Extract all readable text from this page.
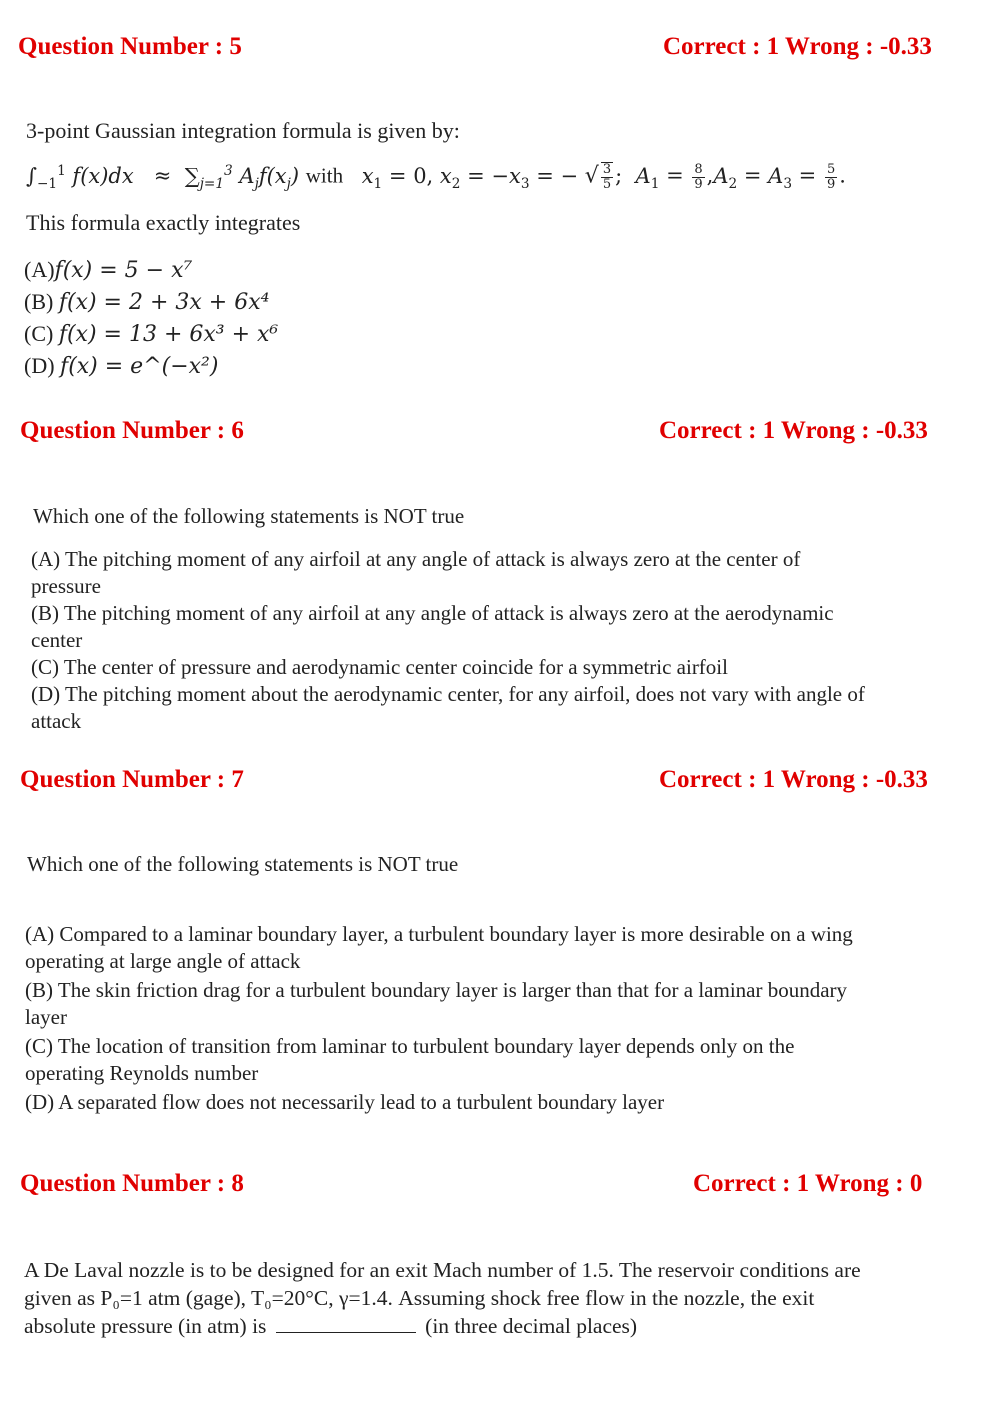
Question Number : 5	Correct : 1 Wrong : -0.33
3-point Gaussian integration formula is given by:
$\int_{-1}^1$ $f(x)dx \approx \sum_{j=1}^3$ $A_jf(x_j)$ with   $x_1 = 0$, $x_2 = -x_3$ = − √ $\frac{3}{5}$ ;  $A_1 = \frac{8}{9} ,A_2 = A_3 = \frac{5}{9}$ .
This formula exactly integrates
(A)f(x) = 5 − x⁷
(B) f(x) = 2 + 3x + 6x⁴
(C) f(x) = 13 + 6x³ + x⁶
(D) f(x) = e^(−x²)
Question Number : 6	Correct : 1 Wrong : -0.33
Which one of the following statements is NOT true
(A) The pitching moment of any airfoil at any angle of attack is always zero at the center of
pressure
(B) The pitching moment of any airfoil at any angle of attack is always zero at the aerodynamic
center
(C) The center of pressure and aerodynamic center coincide for a symmetric airfoil
(D) The pitching moment about the aerodynamic center, for any airfoil, does not vary with angle of
attack
Question Number : 7	Correct : 1 Wrong : -0.33
Which one of the following statements is NOT true
(A) Compared to a laminar boundary layer, a turbulent boundary layer is more desirable on a wing
operating at large angle of attack
(B) The skin friction drag for a turbulent boundary layer is larger than that for a laminar boundary
layer
(C) The location of transition from laminar to turbulent boundary layer depends only on the
operating Reynolds number
(D) A separated flow does not necessarily lead to a turbulent boundary layer
Question Number : 8	Correct : 1 Wrong : 0
A De Laval nozzle is to be designed for an exit Mach number of 1.5. The reservoir conditions are
given as P₀=1 atm (gage), T₀=20°C, γ=1.4. Assuming shock free flow in the nozzle, the exit
absolute pressure (in atm) is	(in three decimal places)
